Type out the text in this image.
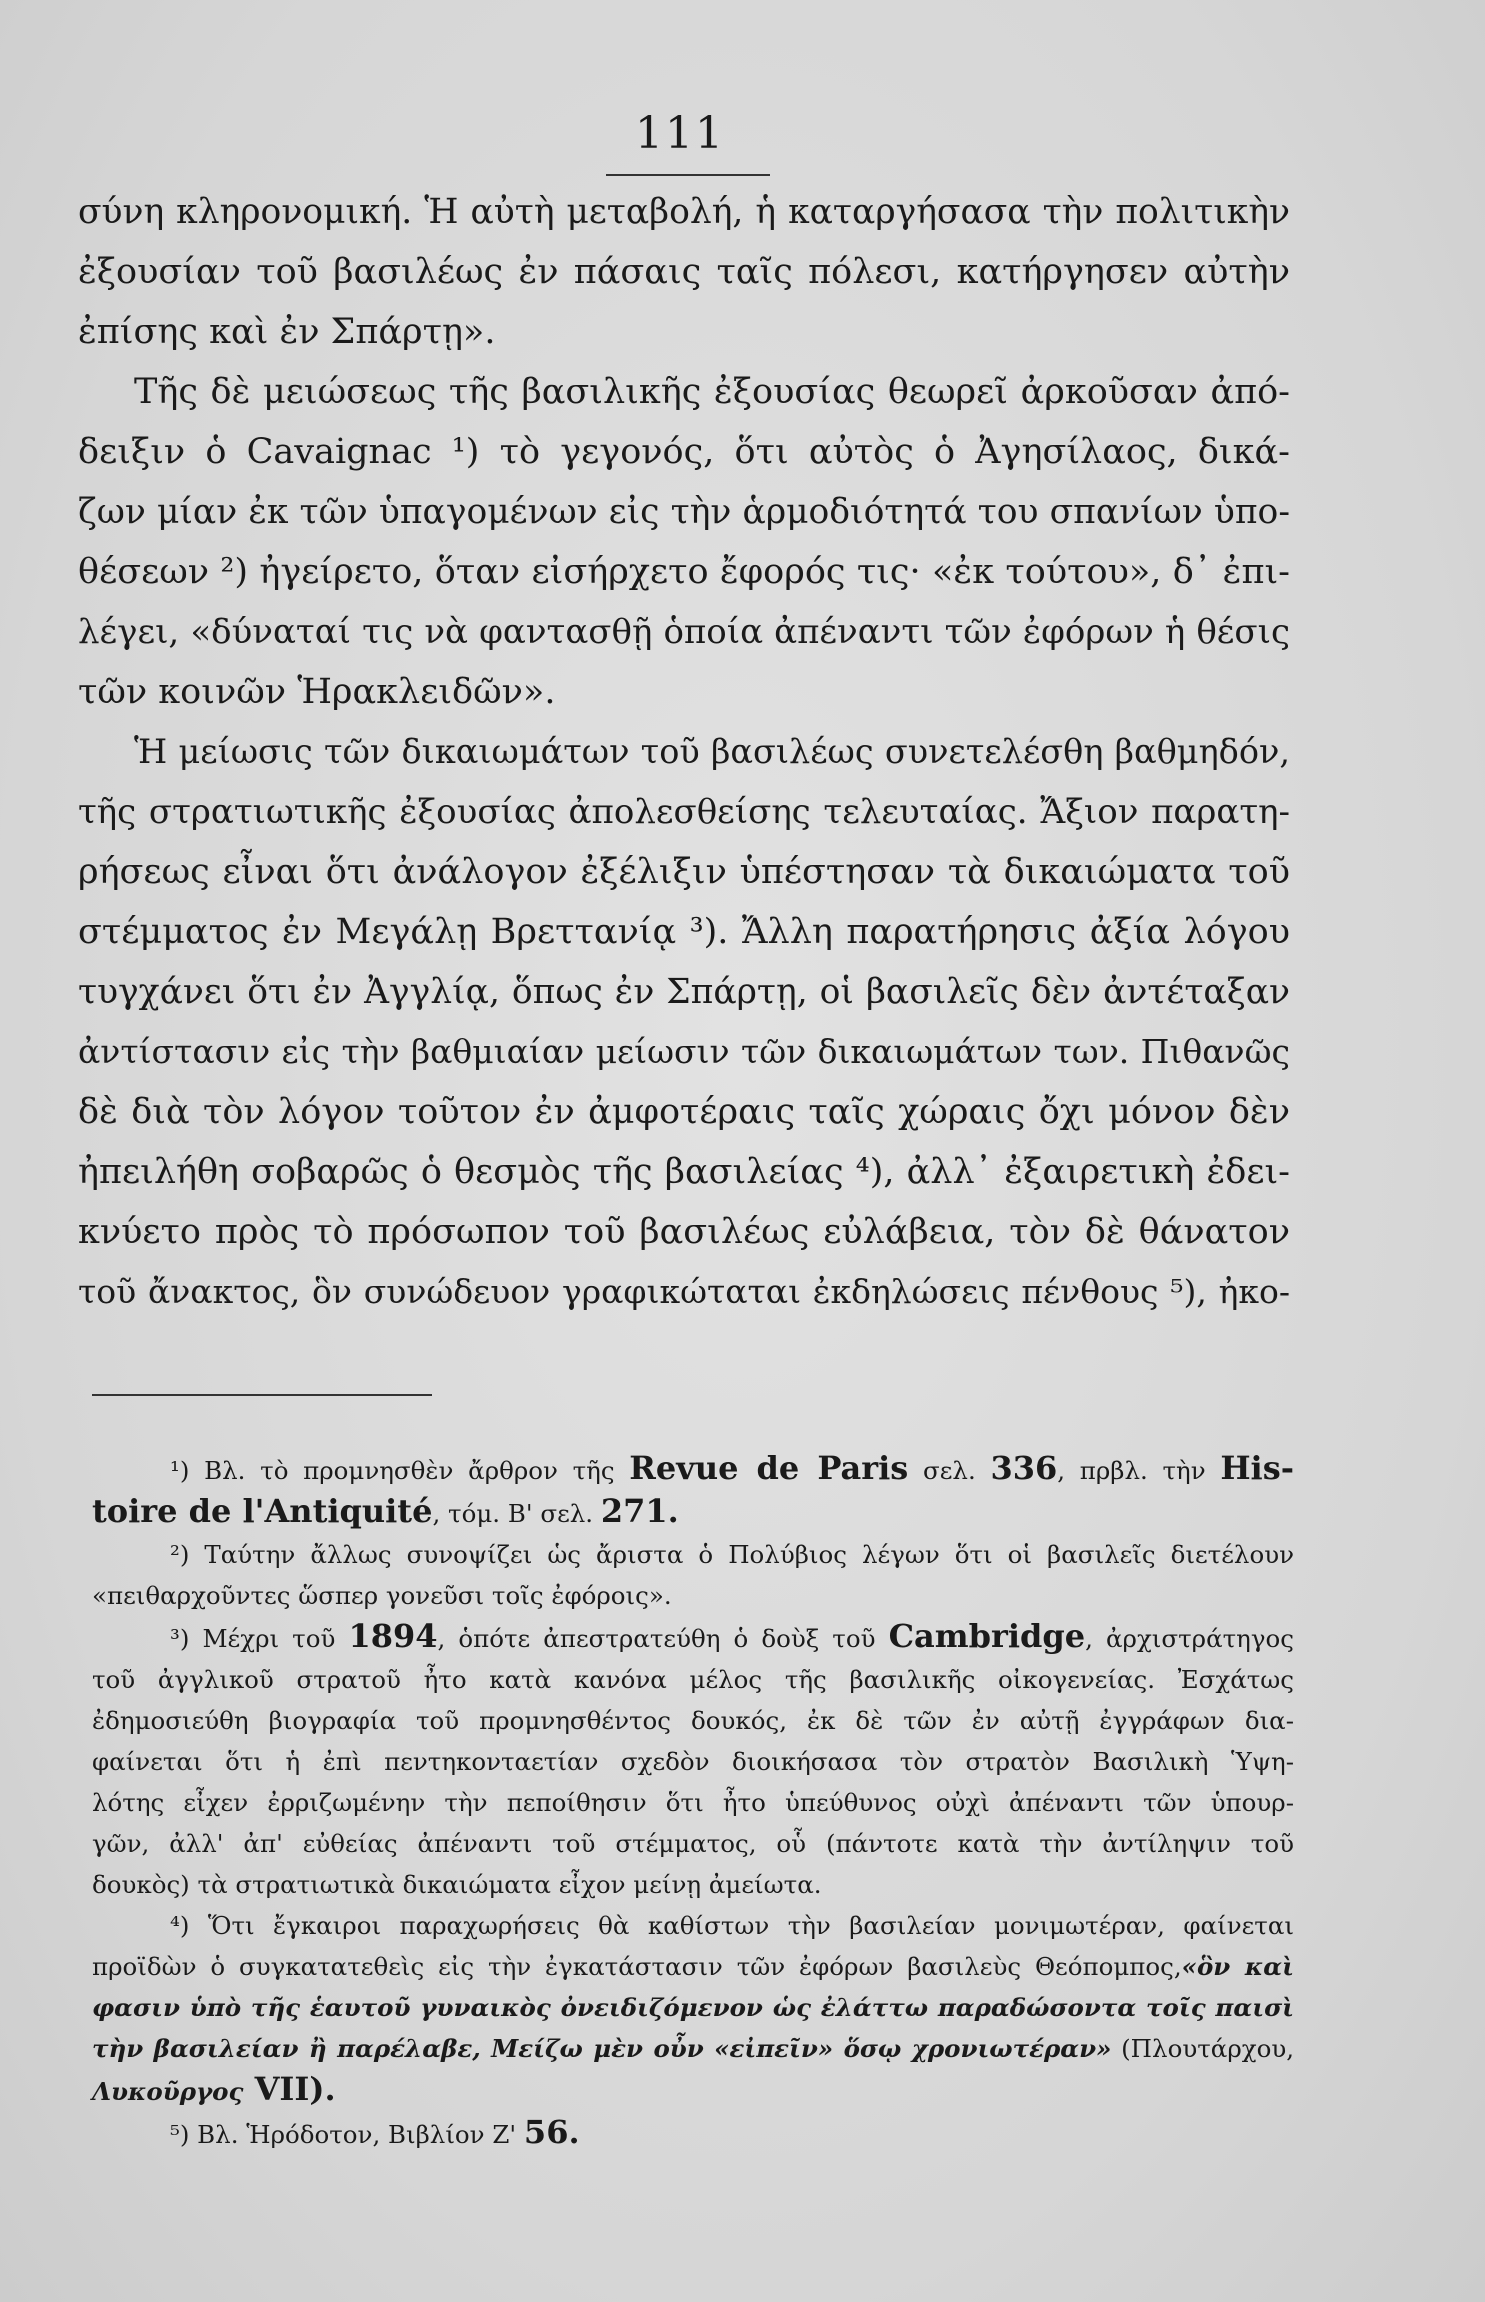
111
σύνη κληρονομική. Ἡ αὐτὴ μεταβολή, ἡ καταργήσασα τὴν πολιτικὴν
ἐξουσίαν τοῦ βασιλέως ἐν πάσαις ταῖς πόλεσι, κατήργησεν αὐτὴν
ἐπίσης καὶ ἐν Σπάρτῃ».
Τῆς δὲ μειώσεως τῆς βασιλικῆς ἐξουσίας θεωρεῖ ἀρκοῦσαν ἀπό-
δειξιν ὁ Cavaignac ¹) τὸ γεγονός, ὅτι αὐτὸς ὁ Ἀγησίλαος, δικά-
ζων μίαν ἐκ τῶν ὑπαγομένων εἰς τὴν ἁρμοδιότητά του σπανίων ὑπο-
θέσεων ²) ἠγείρετο, ὅταν εἰσήρχετο ἔφορός τις· «ἐκ τούτου», δ᾽ ἐπι-
λέγει, «δύναταί τις νὰ φαντασθῇ ὁποία ἀπέναντι τῶν ἐφόρων ἡ θέσις
τῶν κοινῶν Ἡρακλειδῶν».
Ἡ μείωσις τῶν δικαιωμάτων τοῦ βασιλέως συνετελέσθη βαθμηδόν,
τῆς στρατιωτικῆς ἐξουσίας ἀπολεσθείσης τελευταίας. Ἄξιον παρατη-
ρήσεως εἶναι ὅτι ἀνάλογον ἐξέλιξιν ὑπέστησαν τὰ δικαιώματα τοῦ
στέμματος ἐν Μεγάλῃ Βρεττανίᾳ ³). Ἄλλη παρατήρησις ἀξία λόγου
τυγχάνει ὅτι ἐν Ἀγγλίᾳ, ὅπως ἐν Σπάρτῃ, οἱ βασιλεῖς δὲν ἀντέταξαν
ἀντίστασιν εἰς τὴν βαθμιαίαν μείωσιν τῶν δικαιωμάτων των. Πιθανῶς
δὲ διὰ τὸν λόγον τοῦτον ἐν ἀμφοτέραις ταῖς χώραις ὄχι μόνον δὲν
ἠπειλήθη σοβαρῶς ὁ θεσμὸς τῆς βασιλείας ⁴), ἀλλ᾽ ἐξαιρετικὴ ἐδει-
κνύετο πρὸς τὸ πρόσωπον τοῦ βασιλέως εὐλάβεια, τὸν δὲ θάνατον
τοῦ ἄνακτος, ὃν συνώδευον γραφικώταται ἐκδηλώσεις πένθους ⁵), ἠκο-
¹) Βλ. τὸ προμνησθὲν ἄρθρον τῆς Revue de Paris σελ. 336, πρβλ. τὴν His-
toire de l'Antiquité, τόμ. Β' σελ. 271.
²) Ταύτην ἄλλως συνοψίζει ὡς ἄριστα ὁ Πολύβιος λέγων ὅτι οἱ βασιλεῖς διετέλουν
«πειθαρχοῦντες ὥσπερ γονεῦσι τοῖς ἐφόροις».
³) Μέχρι τοῦ 1894, ὁπότε ἀπεστρατεύθη ὁ δοὺξ τοῦ Cambridge, ἀρχιστράτηγος
τοῦ ἀγγλικοῦ στρατοῦ ἦτο κατὰ κανόνα μέλος τῆς βασιλικῆς οἰκογενείας. Ἐσχάτως
ἐδημοσιεύθη βιογραφία τοῦ προμνησθέντος δουκός, ἐκ δὲ τῶν ἐν αὐτῇ ἐγγράφων δια-
φαίνεται ὅτι ἡ ἐπὶ πεντηκονταετίαν σχεδὸν διοικήσασα τὸν στρατὸν Βασιλικὴ Ὑψη-
λότης εἶχεν ἐρριζωμένην τὴν πεποίθησιν ὅτι ἦτο ὑπεύθυνος οὐχὶ ἀπέναντι τῶν ὑπουρ-
γῶν, ἀλλ' ἀπ' εὐθείας ἀπέναντι τοῦ στέμματος, οὗ (πάντοτε κατὰ τὴν ἀντίληψιν τοῦ
δουκὸς) τὰ στρατιωτικὰ δικαιώματα εἶχον μείνῃ ἀμείωτα.
⁴) Ὅτι ἔγκαιροι παραχωρήσεις θὰ καθίστων τὴν βασιλείαν μονιμωτέραν, φαίνεται
προϊδὼν ὁ συγκατατεθεὶς εἰς τὴν ἐγκατάστασιν τῶν ἐφόρων βασιλεὺς Θεόπομπος,«ὃν καὶ
φασιν ὑπὸ τῆς ἑαυτοῦ γυναικὸς ὀνειδιζόμενον ὡς ἐλάττω παραδώσοντα τοῖς παισὶ
τὴν βασιλείαν ἢ παρέλαβε, Μείζω μὲν οὖν «εἰπεῖν» ὅσῳ χρονιωτέραν» (Πλουτάρχου,
Λυκοῦργος VII).
⁵) Βλ. Ἡρόδοτον, Βιβλίον Ζ' 56.
